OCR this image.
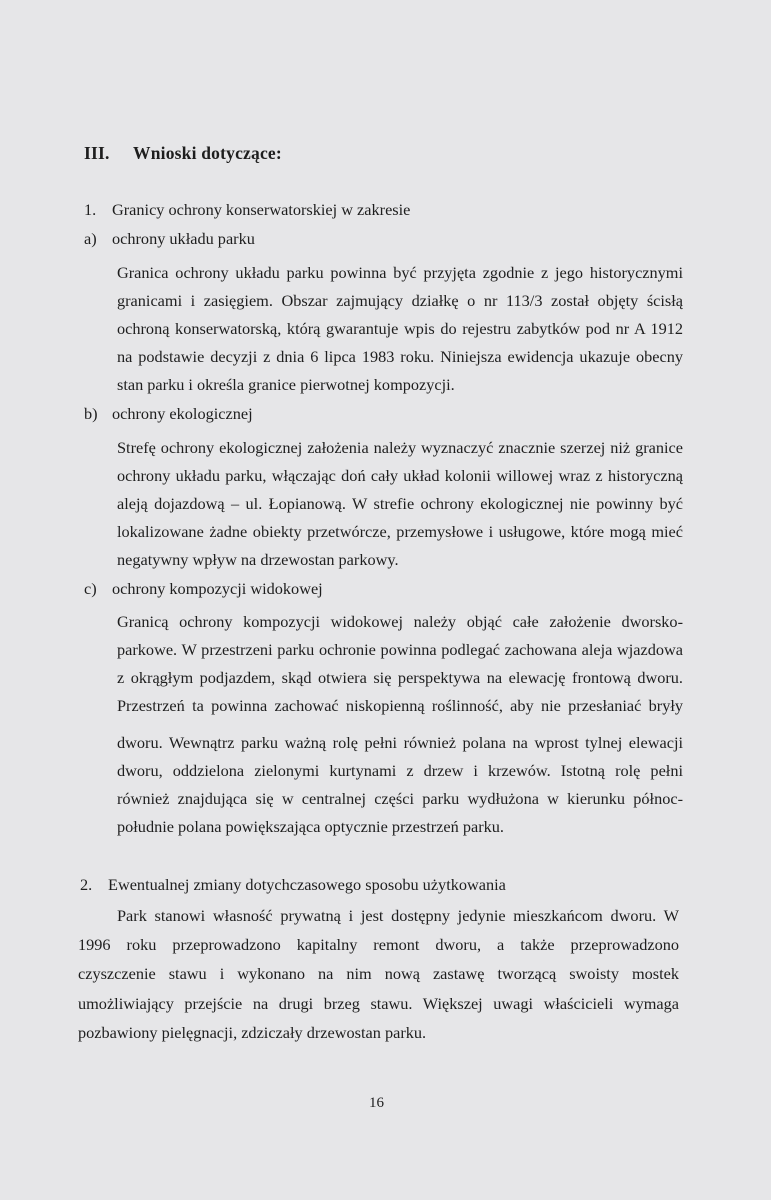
III. Wnioski dotyczące:
1. Granicy ochrony konserwatorskiej w zakresie
a) ochrony układu parku
Granica ochrony układu parku powinna być przyjęta zgodnie z jego historycznymi
granicami i zasięgiem. Obszar zajmujący działkę o nr 113/3 został objęty ścisłą
ochroną konserwatorską, którą gwarantuje wpis do rejestru zabytków pod nr A 1912
na podstawie decyzji z dnia 6 lipca 1983 roku. Niniejsza ewidencja ukazuje obecny
stan parku i określa granice pierwotnej kompozycji.
b) ochrony ekologicznej
Strefę ochrony ekologicznej założenia należy wyznaczyć znacznie szerzej niż granice
ochrony układu parku, włączając doń cały układ kolonii willowej wraz z historyczną
aleją dojazdową – ul. Łopianową. W strefie ochrony ekologicznej nie powinny być
lokalizowane żadne obiekty przetwórcze, przemysłowe i usługowe, które mogą mieć
negatywny wpływ na drzewostan parkowy.
c) ochrony kompozycji widokowej
Granicą ochrony kompozycji widokowej należy objąć całe założenie dworsko-
parkowe. W przestrzeni parku ochronie powinna podlegać zachowana aleja wjazdowa
z okrągłym podjazdem, skąd otwiera się perspektywa na elewację frontową dworu.
Przestrzeń ta powinna zachować niskopienną roślinność, aby nie przesłaniać bryły
dworu. Wewnątrz parku ważną rolę pełni również polana na wprost tylnej elewacji
dworu, oddzielona zielonymi kurtynami z drzew i krzewów. Istotną rolę pełni
również znajdująca się w centralnej części parku wydłużona w kierunku północ-
południe polana powiększająca optycznie przestrzeń parku.
2. Ewentualnej zmiany dotychczasowego sposobu użytkowania
Park stanowi własność prywatną i jest dostępny jedynie mieszkańcom dworu. W
1996 roku przeprowadzono kapitalny remont dworu, a także przeprowadzono
czyszczenie stawu i wykonano na nim nową zastawę tworzącą swoisty mostek
umożliwiający przejście na drugi brzeg stawu. Większej uwagi właścicieli wymaga
pozbawiony pielęgnacji, zdziczały drzewostan parku.
16
